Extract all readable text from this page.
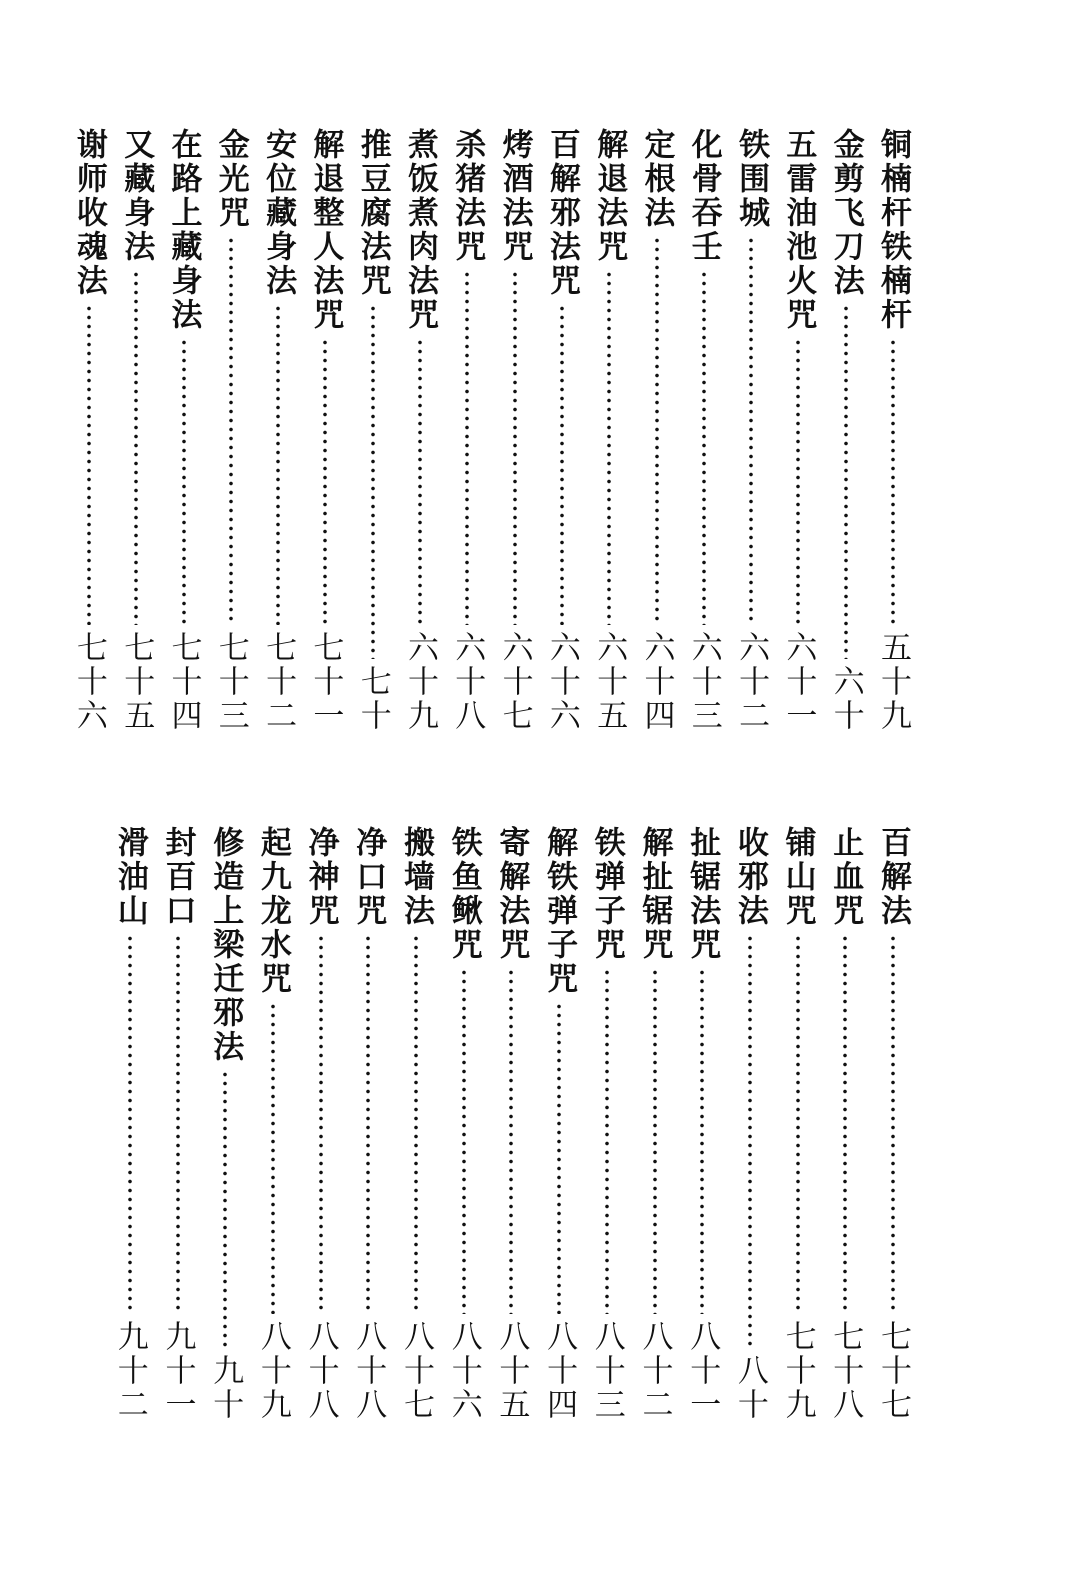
铜楠杆铁楠杆
五十九
金剪飞刀法
六十
五雷油池火咒
六十一
铁围城
六十二
化骨吞壬
六十三
定根法
六十四
解退法咒
六十五
百解邪法咒
六十六
烤酒法咒
六十七
杀猪法咒
六十八
煮饭煮肉法咒
六十九
推豆腐法咒
七十
解退整人法咒
七十一
安位藏身法
七十二
金光咒
七十三
在路上藏身法
七十四
又藏身法
七十五
谢师收魂法
七十六
百解法
七十七
止血咒
七十八
铺山咒
七十九
收邪法
八十
扯锯法咒
八十一
解扯锯咒
八十二
铁弹子咒
八十三
解铁弹子咒
八十四
寄解法咒
八十五
铁鱼鳅咒
八十六
搬墙法
八十七
净口咒
八十八
净神咒
八十八
起九龙水咒
八十九
修造上梁迁邪法
九十
封百口
九十一
滑油山
九十二
